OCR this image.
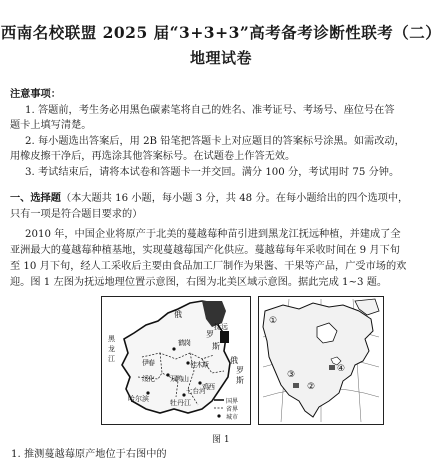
西南名校联盟 2025 届“3+3+3”高考备考诊断性联考（二）
地理试卷
注意事项：
1. 答题前，考生务必用黑色碳素笔将自己的姓名、准考证号、考场号、座位号在答
题卡上填写清楚。
2. 每小题选出答案后，用 2B 铅笔把答题卡上对应题目的答案标号涂黑。如需改动，
用橡皮擦干净后，再选涂其他答案标号。在试题卷上作答无效。
3. 考试结束后，请将本试卷和答题卡一并交回。满分 100 分，考试用时 75 分钟。
一、选择题（本大题共 16 小题，每小题 3 分，共 48 分。在每小题给出的四个选项中，
只有一项是符合题目要求的）
2010 年，中国企业将原产于北美的蔓越莓种苗引进到黑龙江抚远种植，并建成了全
亚洲最大的蔓越莓种植基地，实现蔓越莓国产化供应。蔓越莓每年采收时间在 9 月下旬
至 10 月下旬，经人工采收后主要由食品加工厂制作为果酱、干果等产品，广受市场的欢
迎。图 1 左图为抚远地理位置示意图，右图为北美区域示意图。据此完成 1~3 题。
俄
罗
斯
俄
罗
斯
黑
龙
江
鹤 岗
佳 木 斯
伊 春
双 鸭 山
哈尔滨
绥 化
七台河
抚远
鸡 西
牡丹江	国界
省界
城市
①
②
③
④
图 1
1. 推测蔓越莓原产地位于右图中的
